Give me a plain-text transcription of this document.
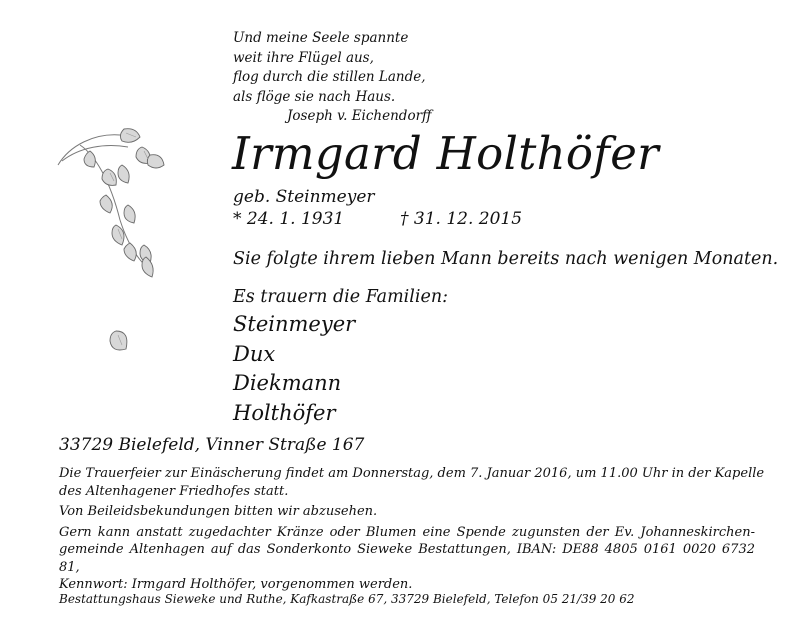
Und meine Seele spannte
weit ihre Flügel aus,
flog durch die stillen Lande,
als flöge sie nach Haus.
Joseph v. Eichendorff
Irmgard Holthöfer
geb. Steinmeyer
* 24. 1. 1931	† 31. 12. 2015
Sie folgte ihrem lieben Mann bereits nach wenigen Monaten.
Es trauern die Familien:
Steinmeyer
Dux
Diekmann
Holthöfer
33729 Bielefeld, Vinner Straße 167

Die Trauerfeier zur Einäscherung findet am Donnerstag, dem 7. Januar 2016, um 11.00 Uhr in der Kapelle
des Altenhagener Friedhofes statt.

Von Beileidsbekundungen bitten wir abzusehen.

Gern kann anstatt zugedachter Kränze oder Blumen eine Spende zugunsten der Ev. Johanneskirchen-
gemeinde Altenhagen auf das Sonderkonto Sieweke Bestattungen, IBAN: DE88 4805 0161 0020 6732 81,
Kennwort: Irmgard Holthöfer, vorgenommen werden.

Bestattungshaus Sieweke und Ruthe, Kafkastraße 67, 33729 Bielefeld, Telefon 05 21/39 20 62
